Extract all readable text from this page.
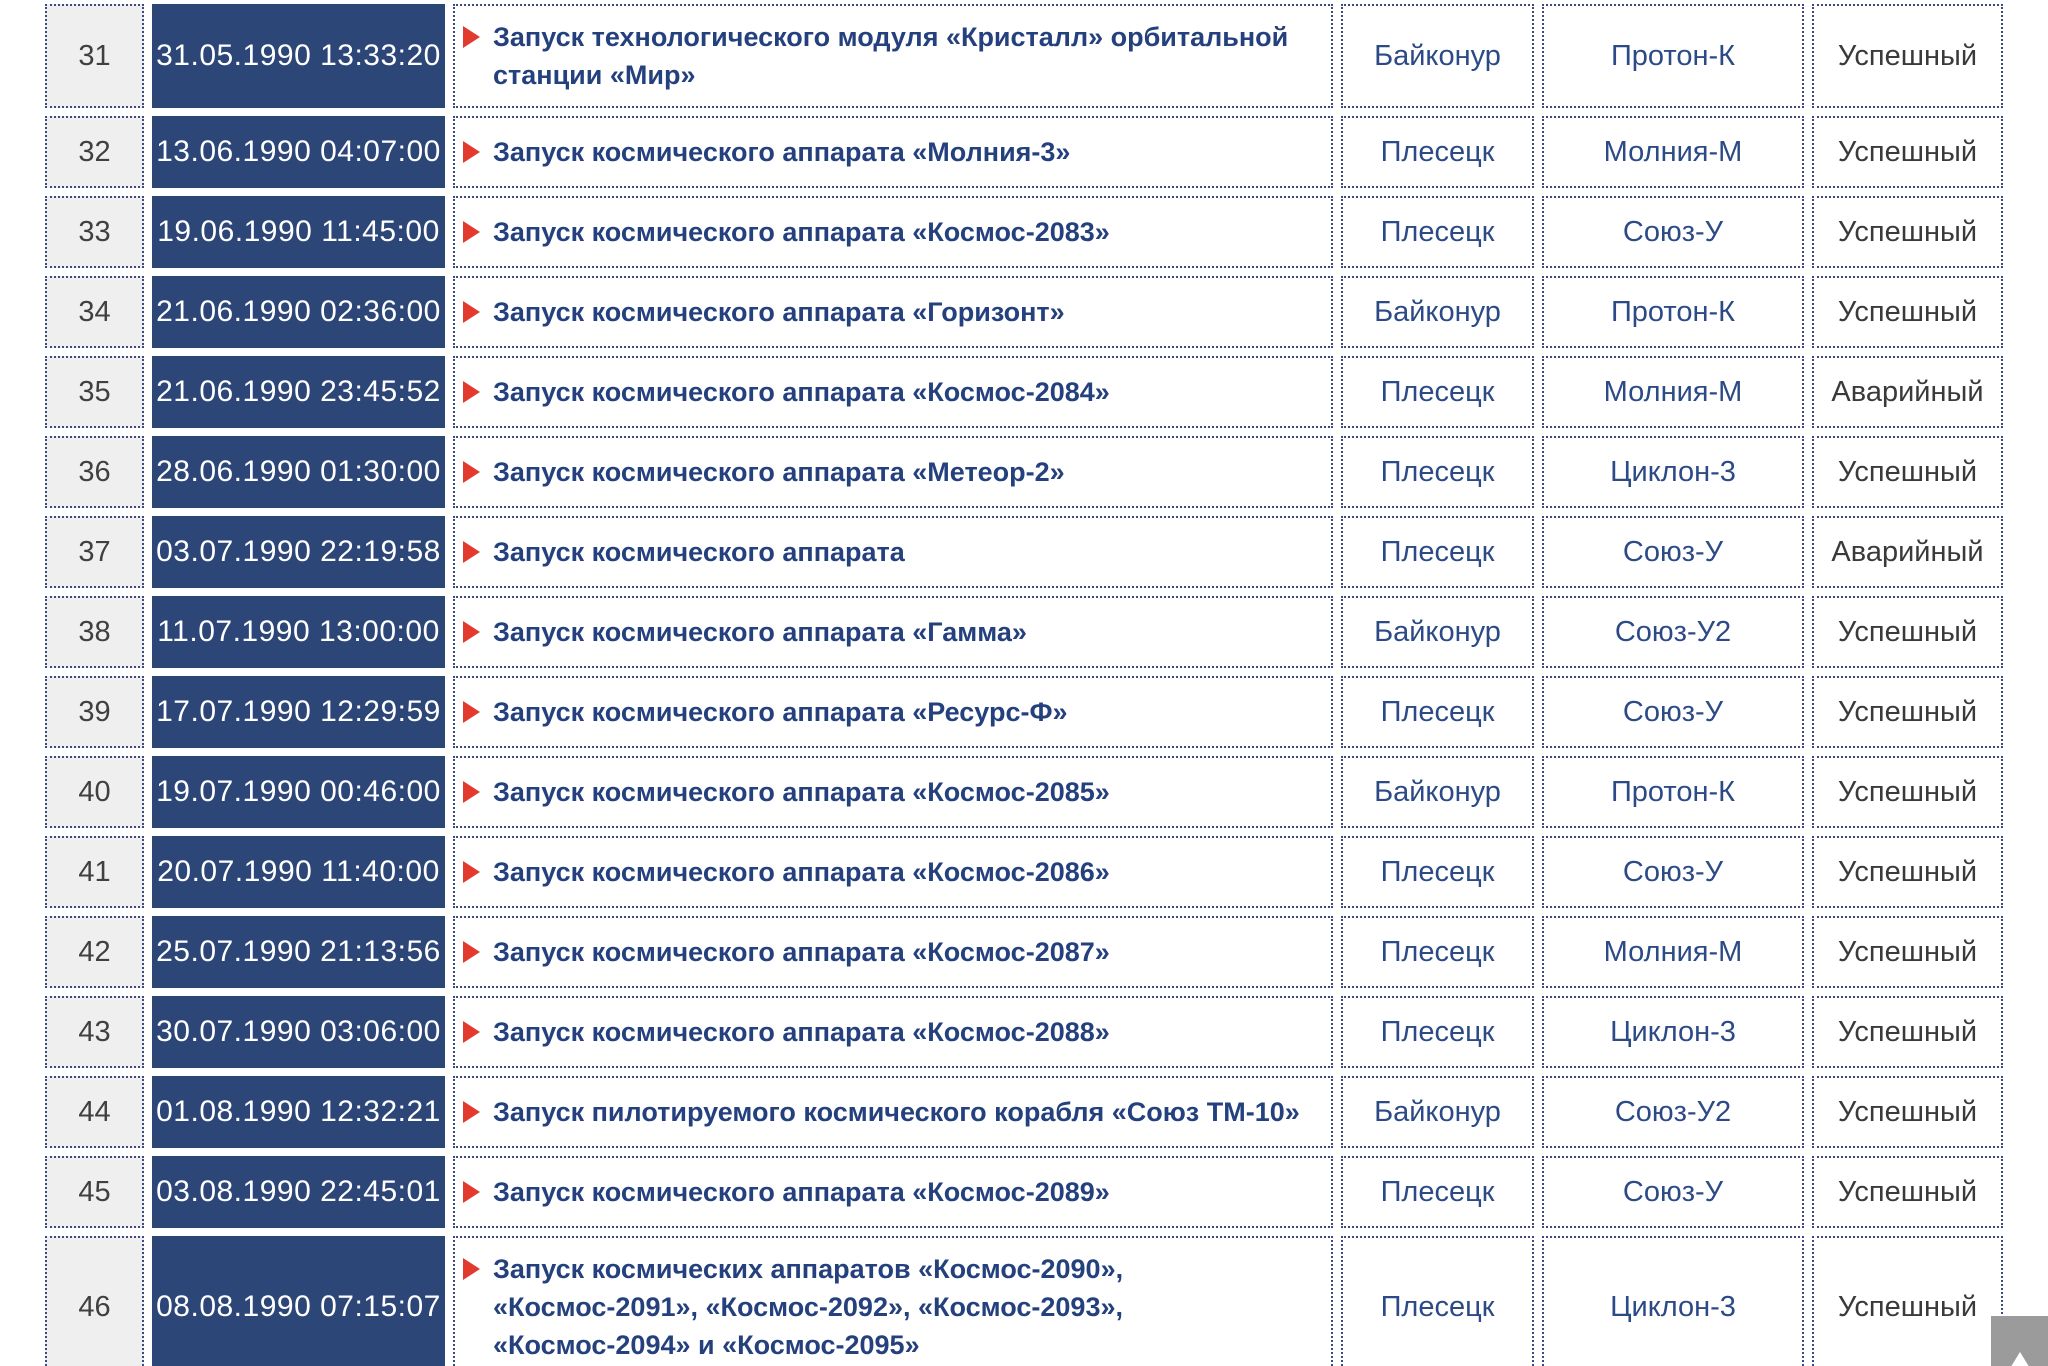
31	31.05.1990 13:33:20	Запуск технологического модуля «Кристалл» орбитальной станции «Мир»	Байконур	Протон-К	Успешный
32	13.06.1990 04:07:00	Запуск космического аппарата «Молния-3»	Плесецк	Молния-М	Успешный
33	19.06.1990 11:45:00	Запуск космического аппарата «Космос-2083»	Плесецк	Союз-У	Успешный
34	21.06.1990 02:36:00	Запуск космического аппарата «Горизонт»	Байконур	Протон-К	Успешный
35	21.06.1990 23:45:52	Запуск космического аппарата «Космос-2084»	Плесецк	Молния-М	Аварийный
36	28.06.1990 01:30:00	Запуск космического аппарата «Метеор-2»	Плесецк	Циклон-3	Успешный
37	03.07.1990 22:19:58	Запуск космического аппарата	Плесецк	Союз-У	Аварийный
38	11.07.1990 13:00:00	Запуск космического аппарата «Гамма»	Байконур	Союз-У2	Успешный
39	17.07.1990 12:29:59	Запуск космического аппарата «Ресурс-Ф»	Плесецк	Союз-У	Успешный
40	19.07.1990 00:46:00	Запуск космического аппарата «Космос-2085»	Байконур	Протон-К	Успешный
41	20.07.1990 11:40:00	Запуск космического аппарата «Космос-2086»	Плесецк	Союз-У	Успешный
42	25.07.1990 21:13:56	Запуск космического аппарата «Космос-2087»	Плесецк	Молния-М	Успешный
43	30.07.1990 03:06:00	Запуск космического аппарата «Космос-2088»	Плесецк	Циклон-3	Успешный
44	01.08.1990 12:32:21	Запуск пилотируемого космического корабля «Союз ТМ-10»	Байконур	Союз-У2	Успешный
45	03.08.1990 22:45:01	Запуск космического аппарата «Космос-2089»	Плесецк	Союз-У	Успешный
46	08.08.1990 07:15:07	Запуск космических аппаратов «Космос-2090», «Космос-2091», «Космос-2092», «Космос-2093», «Космос-2094» и «Космос-2095»	Плесецк	Циклон-3	Успешный
